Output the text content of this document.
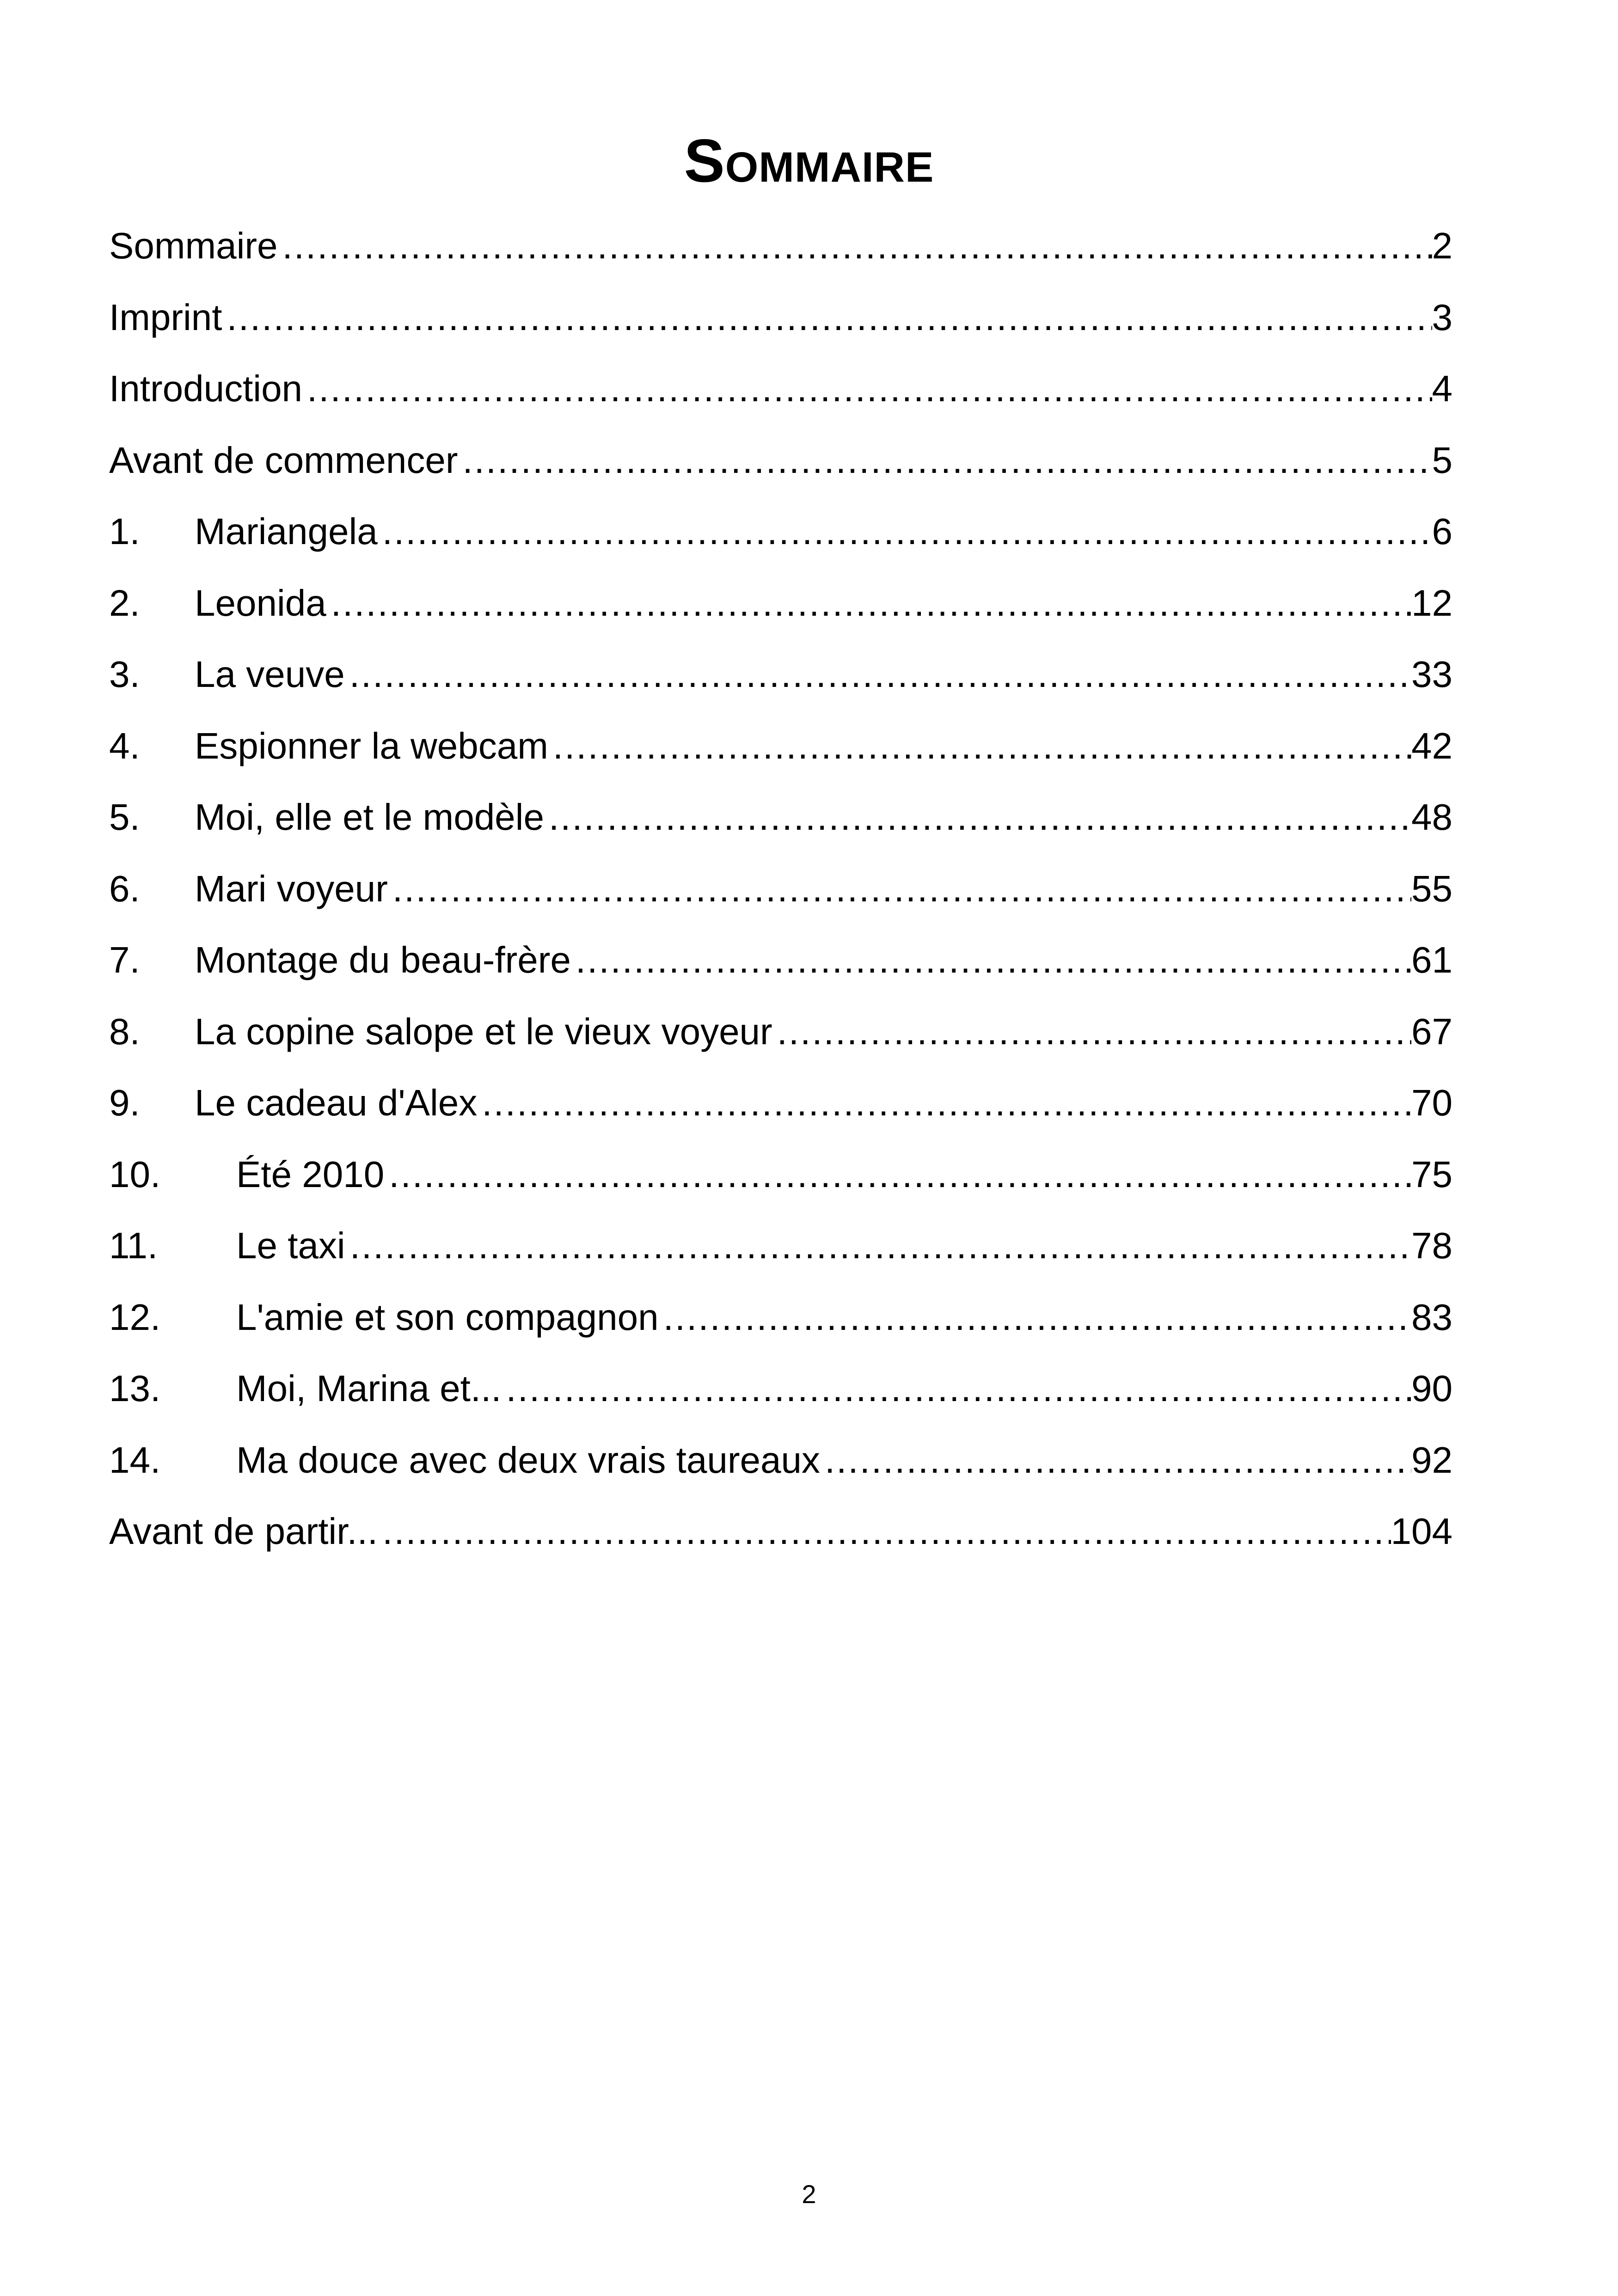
Sommaire
Sommaire .....	2
Imprint .....	3
Introduction .....	4
Avant de commencer .....	5
1.	Mariangela .....	6
2.	Leonida .....	12
3.	La veuve .....	33
4.	Espionner la webcam .....	42
5.	Moi, elle et le modèle .....	48
6.	Mari voyeur .....	55
7.	Montage du beau-frère .....	61
8.	La copine salope et le vieux voyeur .....	67
9.	Le cadeau d'Alex .....	70
10.	Été 2010 .....	75
11.	Le taxi .....	78
12.	L'amie et son compagnon .....	83
13.	Moi, Marina et... .....	90
14.	Ma douce avec deux vrais taureaux .....	92
Avant de partir... .....	104
2
